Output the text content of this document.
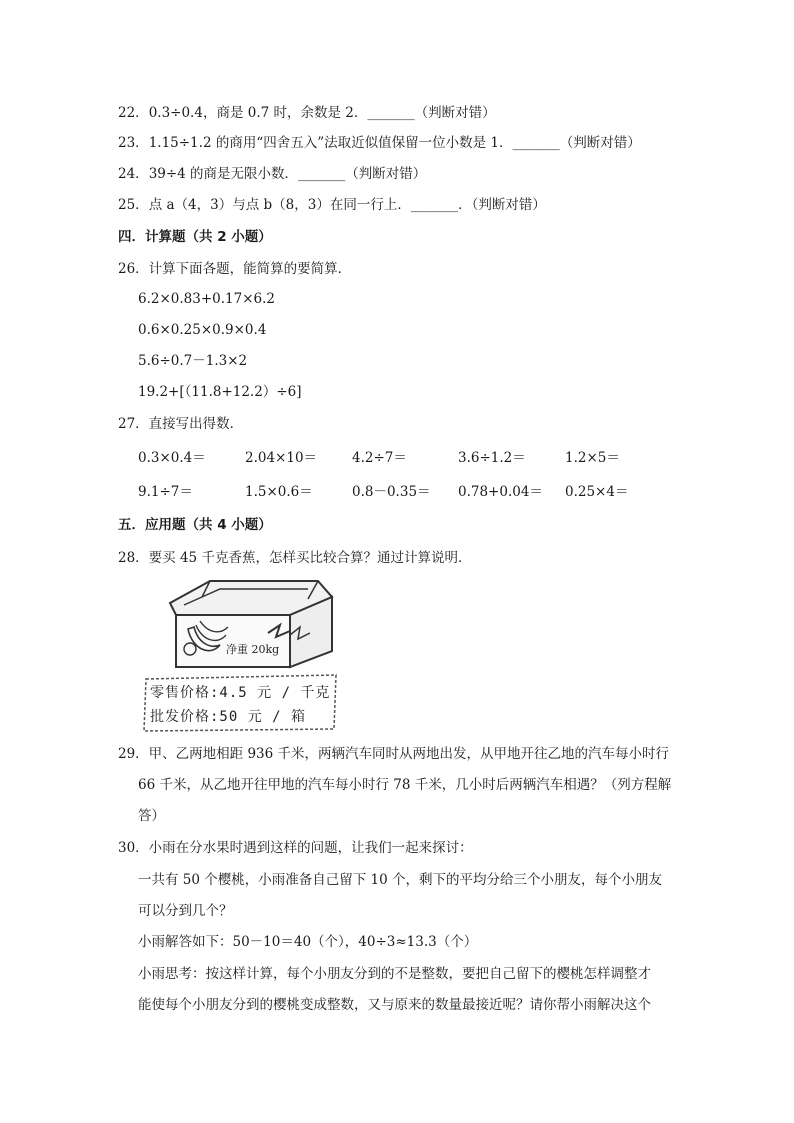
22．0.3÷0.4，商是 0.7 时，余数是 2．_______（判断对错）
23．1.15÷1.2 的商用“四舍五入”法取近似值保留一位小数是 1．_______（判断对错）
24．39÷4 的商是无限小数．_______（判断对错）
25．点 a（4，3）与点 b（8，3）在同一行上．_______．（判断对错）
四．计算题（共 2 小题）
26．计算下面各题，能简算的要简算．
6.2×0.83+0.17×6.2
0.6×0.25×0.9×0.4
5.6÷0.7－1.3×2
19.2+[（11.8+12.2）÷6]
27．直接写出得数．
0.3×0.4＝	2.04×10＝	4.2÷7＝	3.6÷1.2＝	1.2×5＝
9.1÷7＝	1.5×0.6＝	0.8－0.35＝ 0.78+0.04＝ 0.25×4＝
五．应用题（共 4 小题）
28．要买 45 千克香蕉，怎样买比较合算？通过计算说明．
净重 20kg
零售价格:4.5 元 / 千克
批发价格:50 元 / 箱
29．甲、乙两地相距 936 千米，两辆汽车同时从两地出发，从甲地开往乙地的汽车每小时行
66 千米，从乙地开往甲地的汽车每小时行 78 千米，几小时后两辆汽车相遇？（列方程解
答）
30．小雨在分水果时遇到这样的问题，让我们一起来探讨：
一共有 50 个樱桃，小雨准备自己留下 10 个，剩下的平均分给三个小朋友，每个小朋友
可以分到几个？
小雨解答如下：50－10＝40（个），40÷3≈13.3（个）
小雨思考：按这样计算，每个小朋友分到的不是整数，要把自己留下的樱桃怎样调整才
能使每个小朋友分到的樱桃变成整数，又与原来的数量最接近呢？请你帮小雨解决这个
